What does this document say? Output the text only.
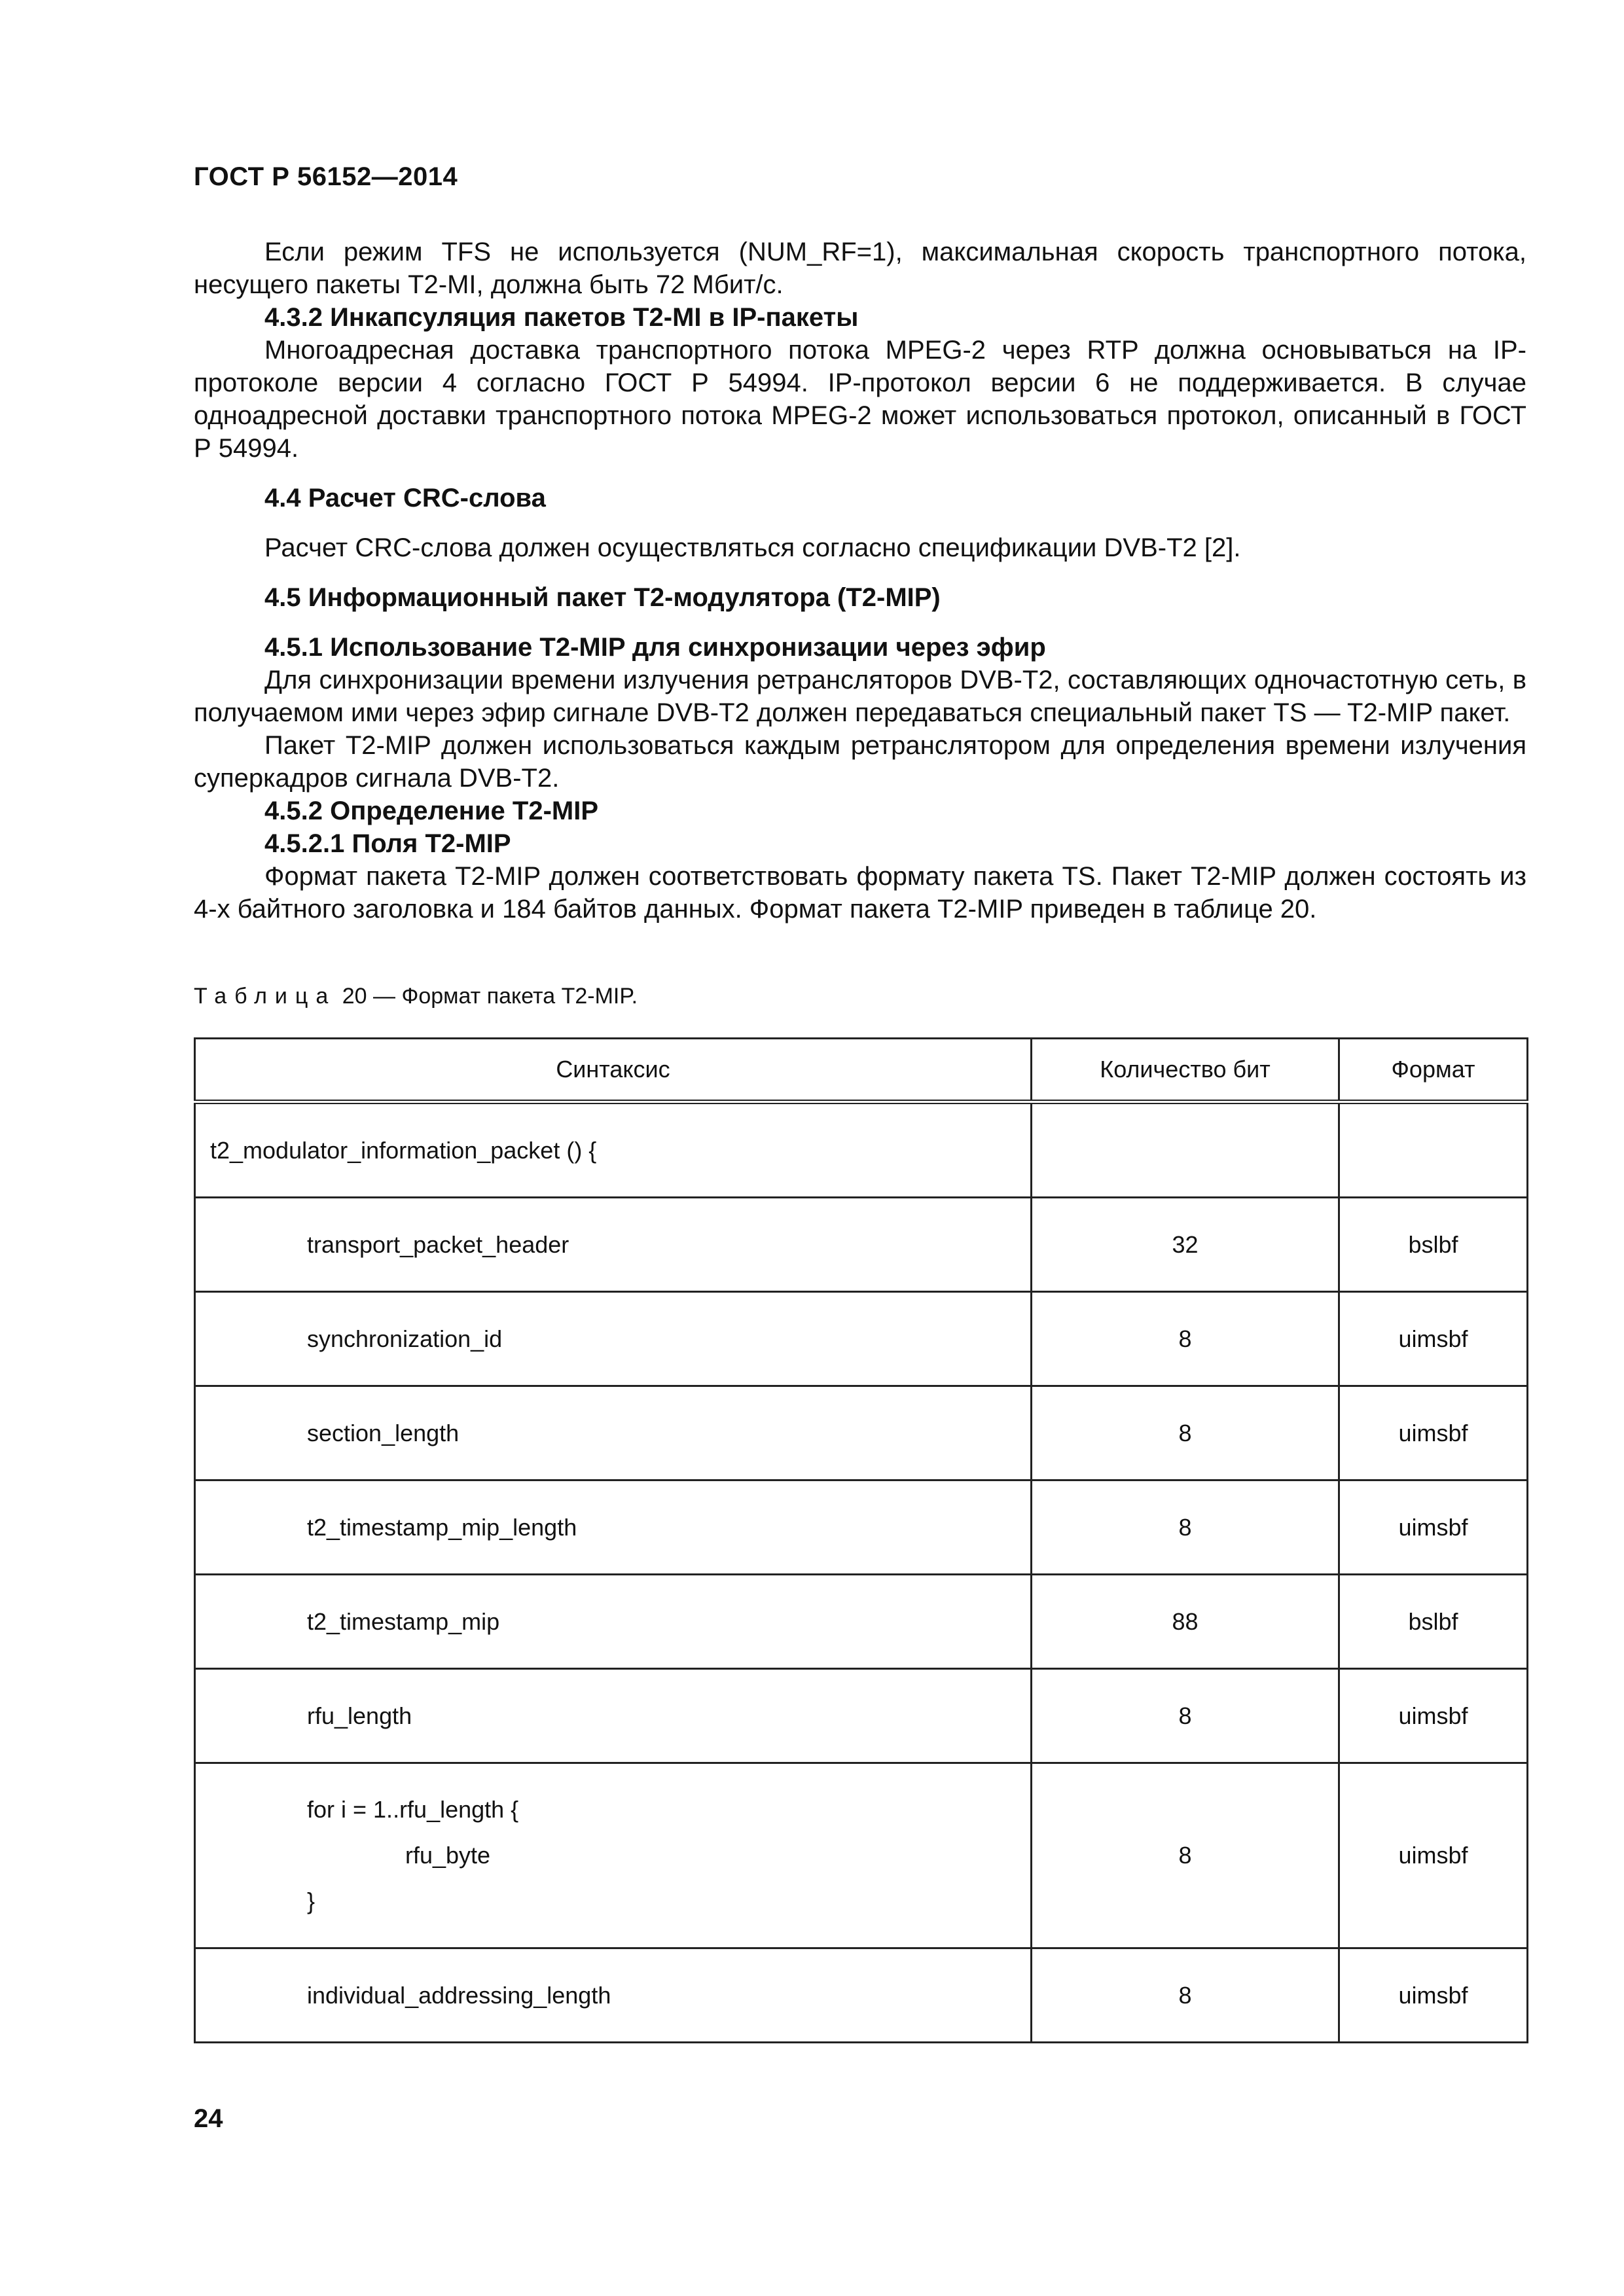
ГОСТ Р 56152—2014

Если режим TFS не используется (NUM_RF=1), максимальная скорость транспортного потока, несущего пакеты T2-MI, должна быть 72 Мбит/с.

4.3.2 Инкапсуляция пакетов T2-MI в IP-пакеты

Многоадресная доставка транспортного потока MPEG-2 через RTP должна основываться на IP-протоколе версии 4 согласно ГОСТ Р 54994. IP-протокол версии 6 не поддерживается. В случае одноадресной доставки транспортного потока MPEG-2 может использоваться протокол, описанный в ГОСТ Р 54994.

4.4 Расчет CRC-слова

Расчет CRC-слова должен осуществляться согласно спецификации DVB-T2 [2].

4.5 Информационный пакет Т2-модулятора (T2-MIP)

4.5.1 Использование T2-MIP для синхронизации через эфир

Для синхронизации времени излучения ретрансляторов DVB-T2, составляющих одночастотную сеть, в получаемом ими через эфир сигнале DVB-T2 должен передаваться специальный пакет TS — T2-MIP пакет.

Пакет T2-MIP должен использоваться каждым ретранслятором для определения времени излучения суперкадров сигнала DVB-T2.

4.5.2 Определение T2-MIP

4.5.2.1 Поля T2-MIP

Формат пакета T2-MIP должен соответствовать формату пакета TS. Пакет T2-MIP должен состоять из 4-х байтного заголовка и 184 байтов данных. Формат пакета T2-MIP приведен в таблице 20.

Таблица 20 — Формат пакета T2-MIP.
Синтаксис	Количество бит	Формат
t2_modulator_information_packet () {		
transport_packet_header	32	bslbf
synchronization_id	8	uimsbf
section_length	8	uimsbf
t2_timestamp_mip_length	8	uimsbf
t2_timestamp_mip	88	bslbf
rfu_length	8	uimsbf

for i = 1..rfu_length {
rfu_byte
}	8	uimsbf
individual_addressing_length	8	uimsbf
24
